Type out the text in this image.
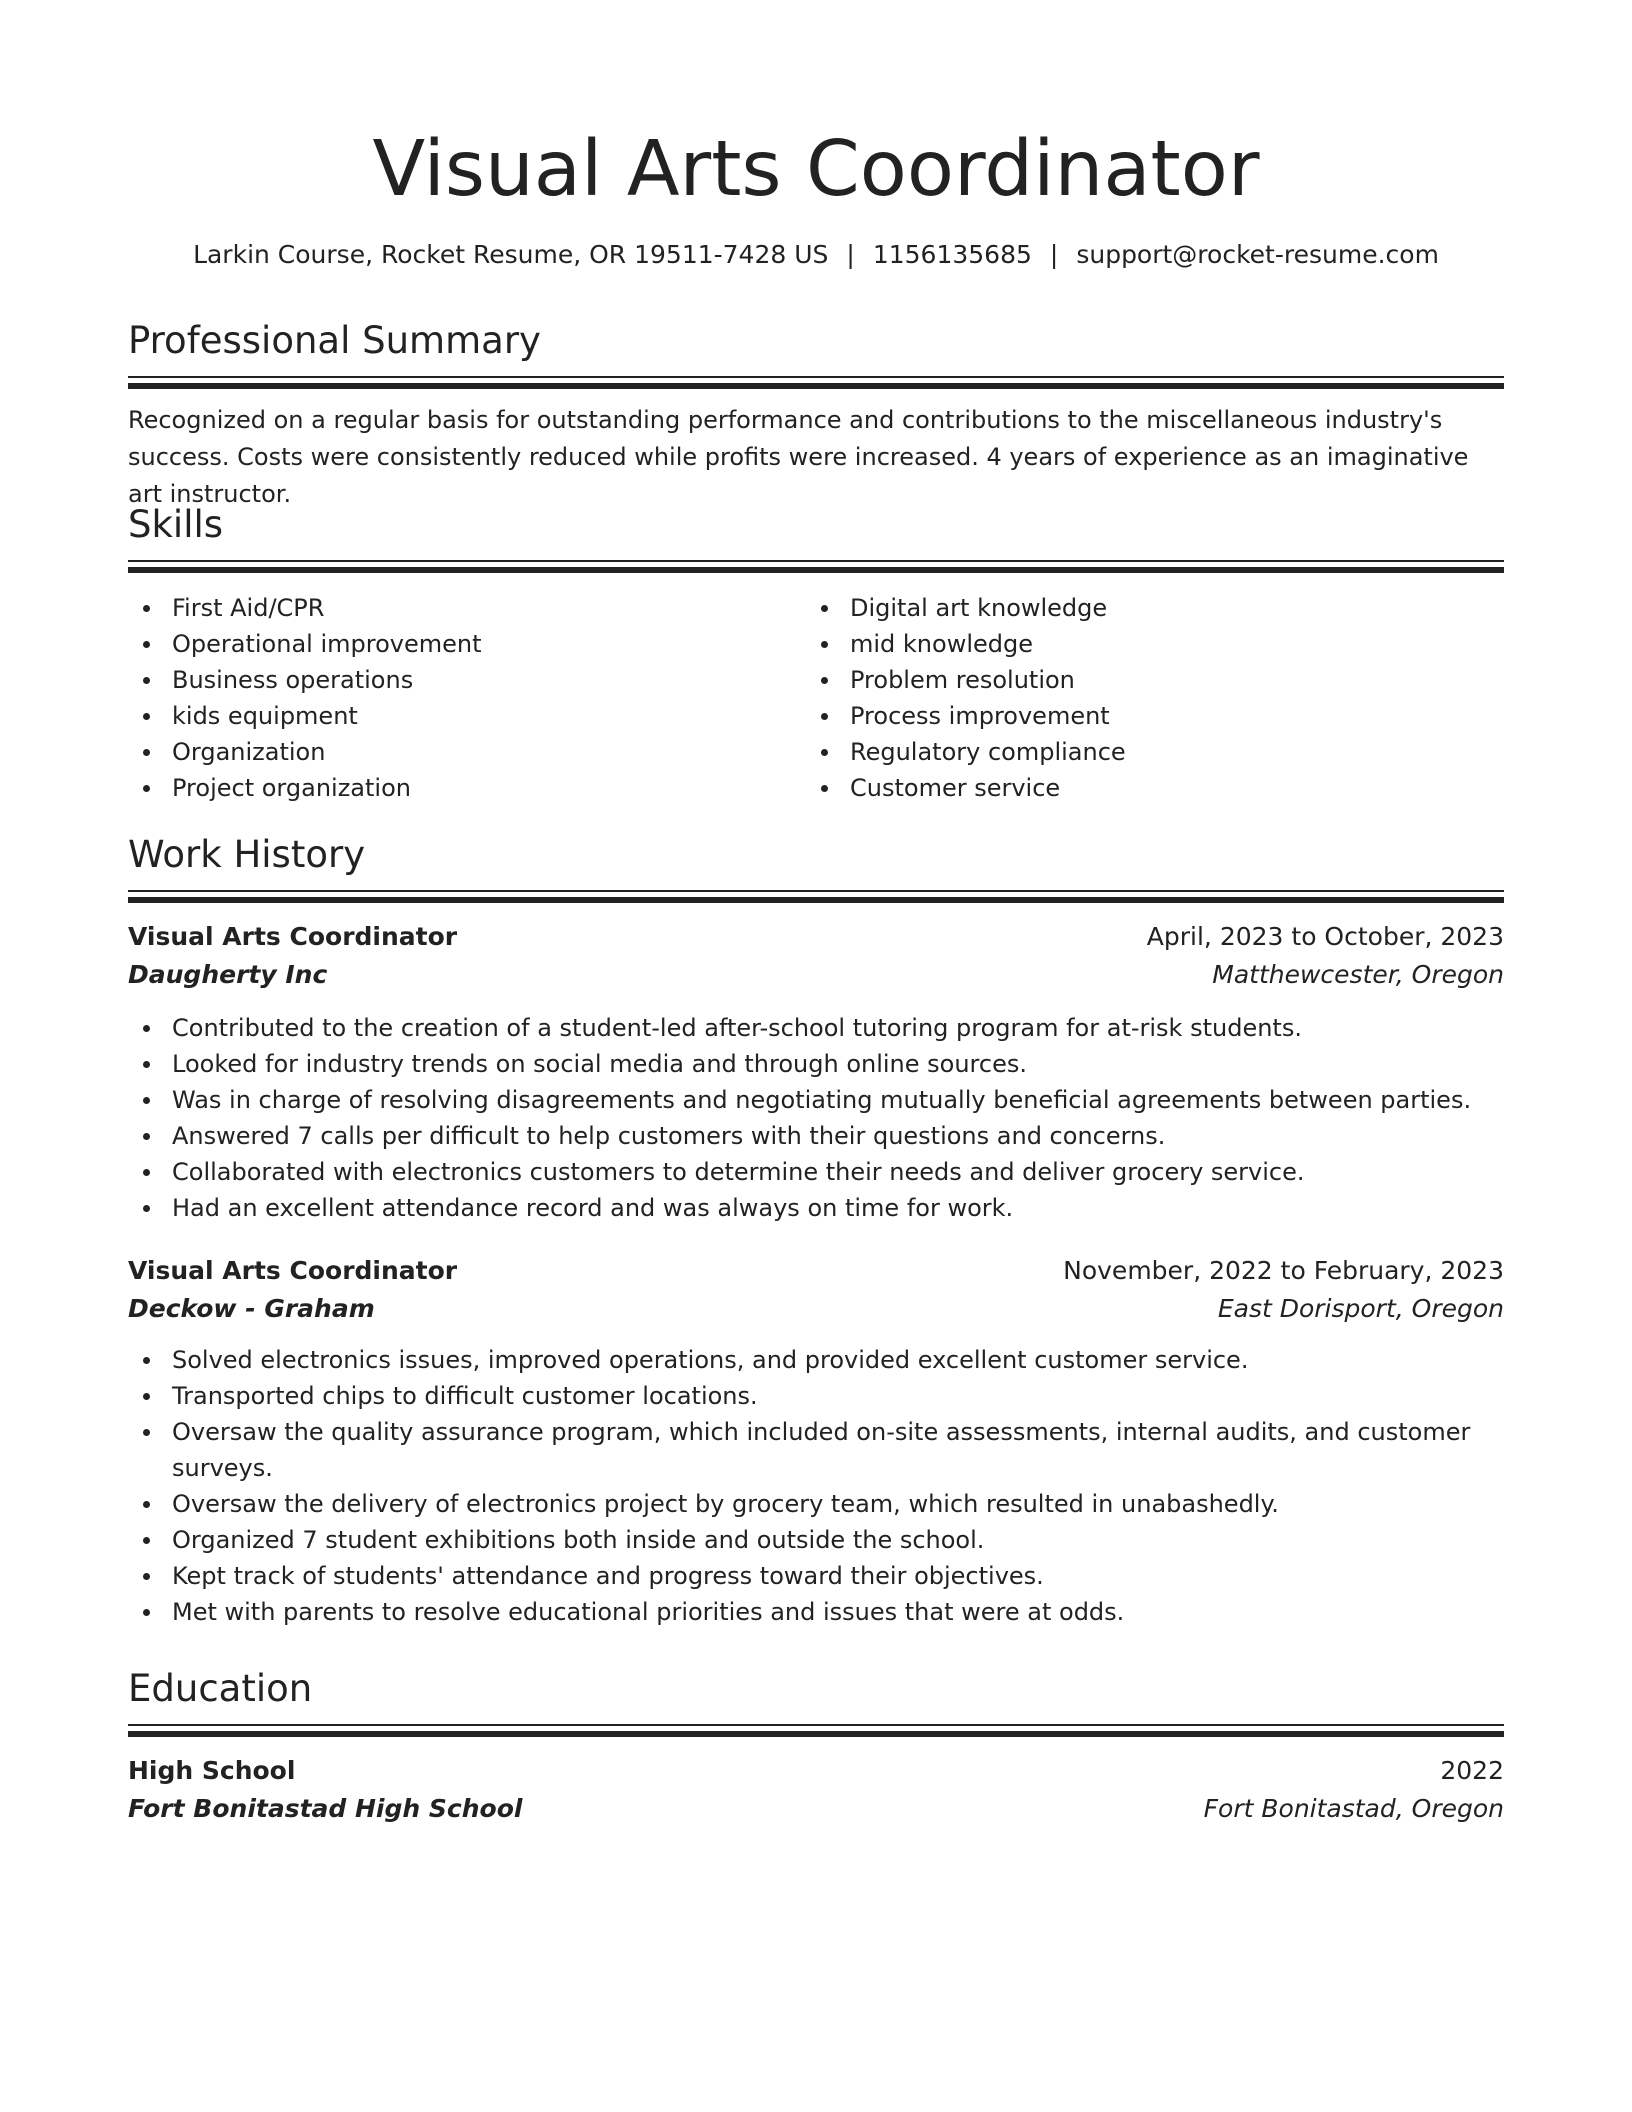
Visual Arts Coordinator
Larkin Course, Rocket Resume, OR 19511-7428 US | 1156135685 | support@rocket-resume.com
Professional Summary
Recognized on a regular basis for outstanding performance and contributions to the miscellaneous industry's success. Costs were consistently reduced while profits were increased. 4 years of experience as an imaginative art instructor.
Skills
First Aid/CPR
Operational improvement
Business operations
kids equipment
Organization
Project organization
Digital art knowledge
mid knowledge
Problem resolution
Process improvement
Regulatory compliance
Customer service
Work History
Visual Arts Coordinator	April, 2023 to October, 2023
Daugherty Inc	Matthewcester, Oregon
Contributed to the creation of a student-led after-school tutoring program for at-risk students.
Looked for industry trends on social media and through online sources.
Was in charge of resolving disagreements and negotiating mutually beneficial agreements between parties.
Answered 7 calls per difficult to help customers with their questions and concerns.
Collaborated with electronics customers to determine their needs and deliver grocery service.
Had an excellent attendance record and was always on time for work.
Visual Arts Coordinator	November, 2022 to February, 2023
Deckow - Graham	East Dorisport, Oregon
Solved electronics issues, improved operations, and provided excellent customer service.
Transported chips to difficult customer locations.
Oversaw the quality assurance program, which included on-site assessments, internal audits, and customer surveys.
Oversaw the delivery of electronics project by grocery team, which resulted in unabashedly.
Organized 7 student exhibitions both inside and outside the school.
Kept track of students' attendance and progress toward their objectives.
Met with parents to resolve educational priorities and issues that were at odds.
Education
High School	2022
Fort Bonitastad High School	Fort Bonitastad, Oregon
